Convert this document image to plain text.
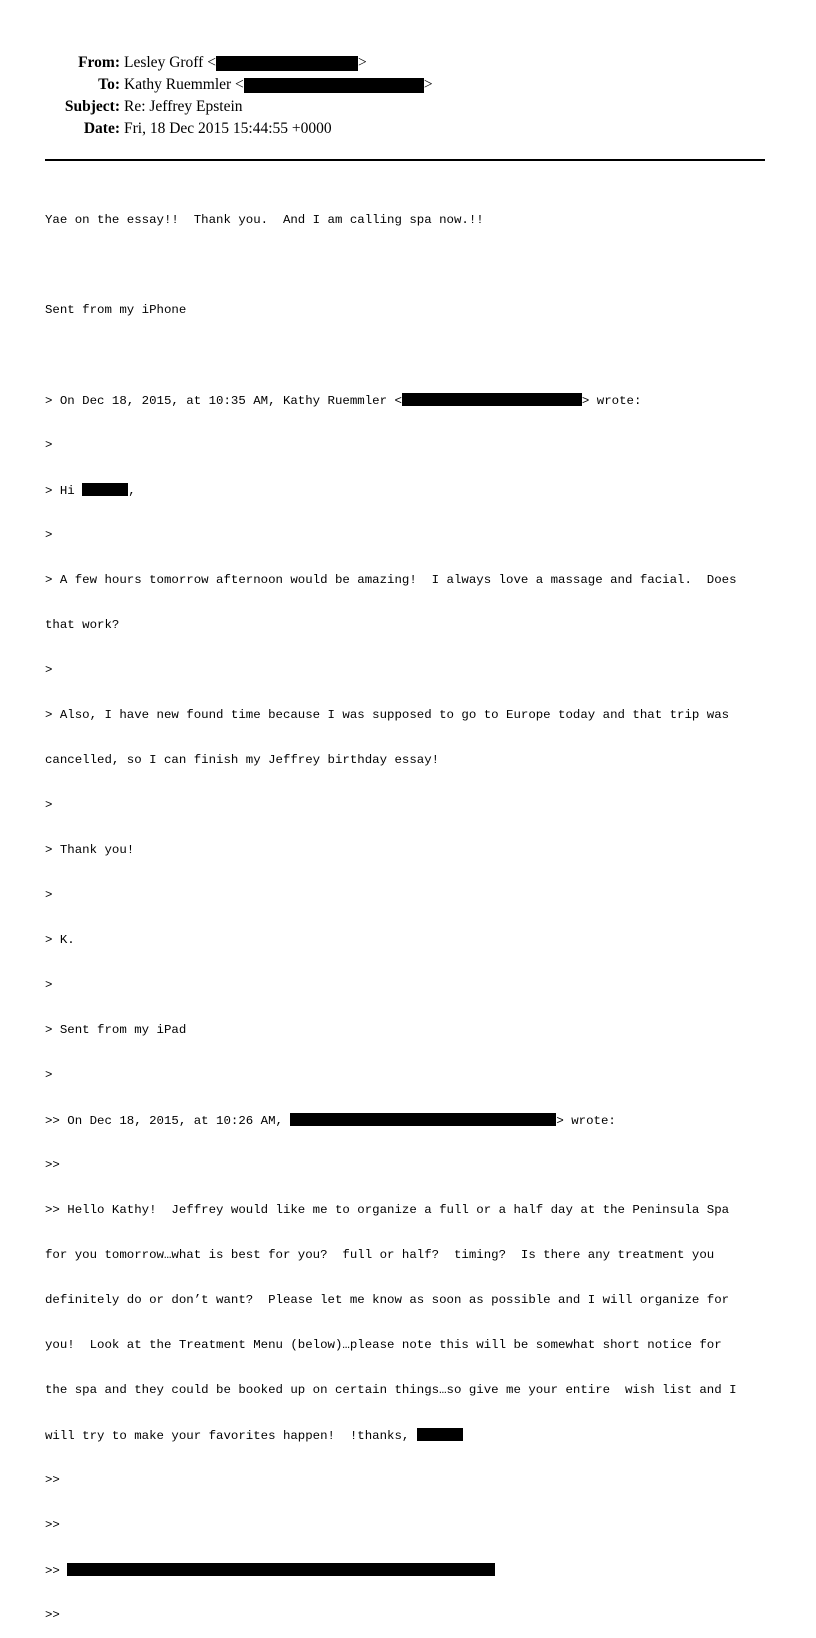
From: Lesley Groff <	>
To: Kathy Ruemmler <	>
Subject: Re: Jeffrey Epstein
Date: Fri, 18 Dec 2015 15:44:55 +0000

Yae on the essay!!  Thank you.  And I am calling spa now.!!

Sent from my iPhone

> On Dec 18, 2015, at 10:35 AM, Kathy Ruemmler <	> wrote:

>

> Hi	,

>

> A few hours tomorrow afternoon would be amazing!  I always love a massage and facial.  Does

that work?

>

> Also, I have new found time because I was supposed to go to Europe today and that trip was

cancelled, so I can finish my Jeffrey birthday essay!

>

> Thank you!

>

> K.

>

> Sent from my iPad

>

>> On Dec 18, 2015, at 10:26 AM,	> wrote:

>>

>> Hello Kathy!  Jeffrey would like me to organize a full or a half day at the Peninsula Spa

for you tomorrow…what is best for you?  full or half?  timing?  Is there any treatment you

definitely do or don’t want?  Please let me know as soon as possible and I will organize for

you!  Look at the Treatment Menu (below)…please note this will be somewhat short notice for

the spa and they could be booked up on certain things…so give me your entire  wish list and I

will try to make your favorites happen!  !thanks,

>>

>>

>>

>>
